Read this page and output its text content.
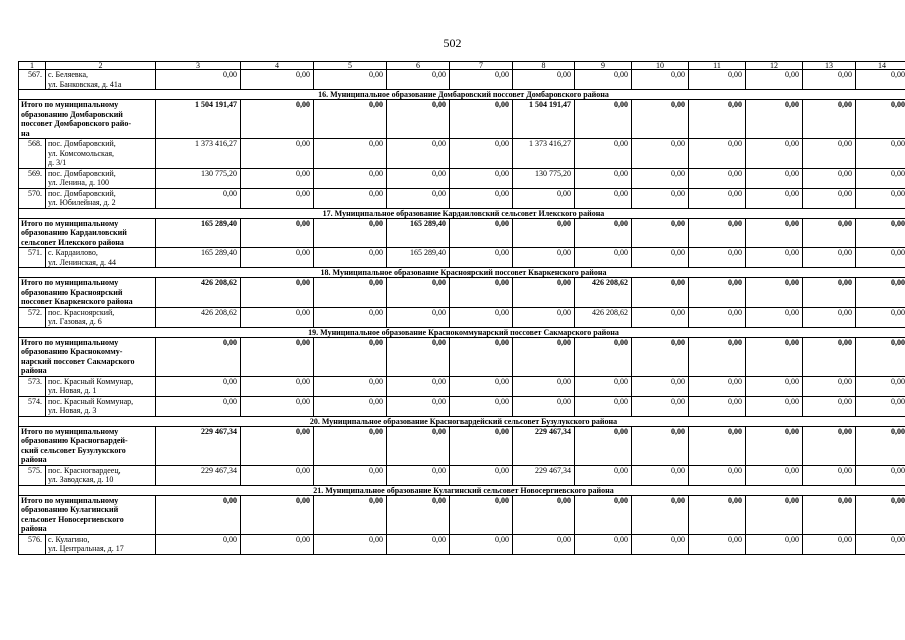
502
1	2	3	4	5	6	7	8	9	10	11	12	13	14
567.	с. Беляевка,
ул. Банковская, д. 41а	0,00	0,00	0,00	0,00	0,00	0,00	0,00	0,00	0,00	0,00	0,00	0,00
16. Муниципальное образование Домбаровский поссовет Домбаровского района													
Итого по муниципальному
образованию Домбаровский
поссовет Домбаровского райо-
на		1 504 191,47	0,00	0,00	0,00	0,00	1 504 191,47	0,00	0,00	0,00	0,00	0,00	0,00
568.	пос. Домбаровский,
ул. Комсомольская,
д. 3/1	1 373 416,27	0,00	0,00	0,00	0,00	1 373 416,27	0,00	0,00	0,00	0,00	0,00	0,00
569.	пос. Домбаровский,
ул. Ленина, д. 100	130 775,20	0,00	0,00	0,00	0,00	130 775,20	0,00	0,00	0,00	0,00	0,00	0,00
570.	пос. Домбаровский,
ул. Юбилейная, д. 2	0,00	0,00	0,00	0,00	0,00	0,00	0,00	0,00	0,00	0,00	0,00	0,00
17. Муниципальное образование Кардаиловский сельсовет Илекского района													
Итого по муниципальному
образованию Кардаиловский
сельсовет Илекского района		165 289,40	0,00	0,00	165 289,40	0,00	0,00	0,00	0,00	0,00	0,00	0,00	0,00
571.	с. Кардаилово,
ул. Ленинская, д. 44	165 289,40	0,00	0,00	165 289,40	0,00	0,00	0,00	0,00	0,00	0,00	0,00	0,00
18. Муниципальное образование Красноярский поссовет Кваркенского района													
Итого по муниципальному
образованию Красноярский
поссовет Кваркенского района		426 208,62	0,00	0,00	0,00	0,00	0,00	426 208,62	0,00	0,00	0,00	0,00	0,00
572.	пос. Красноярский,
ул. Газовая, д. 6	426 208,62	0,00	0,00	0,00	0,00	0,00	426 208,62	0,00	0,00	0,00	0,00	0,00
19. Муниципальное образование Краснокоммунарский поссовет Сакмарского района													
Итого по муниципальному
образованию Краснокомму-
нарский поссовет Сакмарского
района		0,00	0,00	0,00	0,00	0,00	0,00	0,00	0,00	0,00	0,00	0,00	0,00
573.	пос. Красный Коммунар,
ул. Новая, д. 1	0,00	0,00	0,00	0,00	0,00	0,00	0,00	0,00	0,00	0,00	0,00	0,00
574.	пос. Красный Коммунар,
ул. Новая, д. 3	0,00	0,00	0,00	0,00	0,00	0,00	0,00	0,00	0,00	0,00	0,00	0,00
20. Муниципальное образование Красногвардейский сельсовет Бузулукского района													
Итого по муниципальному
образованию Красногвардей-
ский сельсовет Бузулукского
района		229 467,34	0,00	0,00	0,00	0,00	229 467,34	0,00	0,00	0,00	0,00	0,00	0,00
575.	пос. Красногвардеец,
ул. Заводская, д. 10	229 467,34	0,00	0,00	0,00	0,00	229 467,34	0,00	0,00	0,00	0,00	0,00	0,00
21. Муниципальное образование Кулагинский сельсовет Новосергиевского района													
Итого по муниципальному
образованию Кулагинский
сельсовет Новосергиевского
района		0,00	0,00	0,00	0,00	0,00	0,00	0,00	0,00	0,00	0,00	0,00	0,00
576.	с. Кулагино,
ул. Центральная, д. 17	0,00	0,00	0,00	0,00	0,00	0,00	0,00	0,00	0,00	0,00	0,00	0,00
